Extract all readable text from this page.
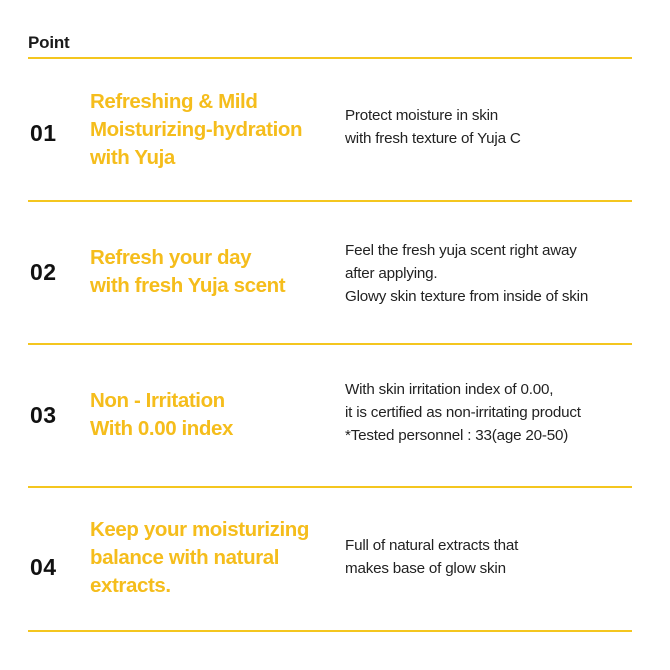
Point
01
Refreshing & Mild
Moisturizing-hydration
with Yuja
Protect moisture in skin
with fresh texture of Yuja C
02
Refresh your day
with fresh Yuja scent
Feel the fresh yuja scent right away
after applying.
Glowy skin texture from inside of skin
03
Non - Irritation
With 0.00 index
With skin irritation index of 0.00,
it is certified as non-irritating product
*Tested personnel : 33(age 20-50)
04
Keep your moisturizing
balance with natural
extracts.
Full of natural extracts that
makes base of glow skin
